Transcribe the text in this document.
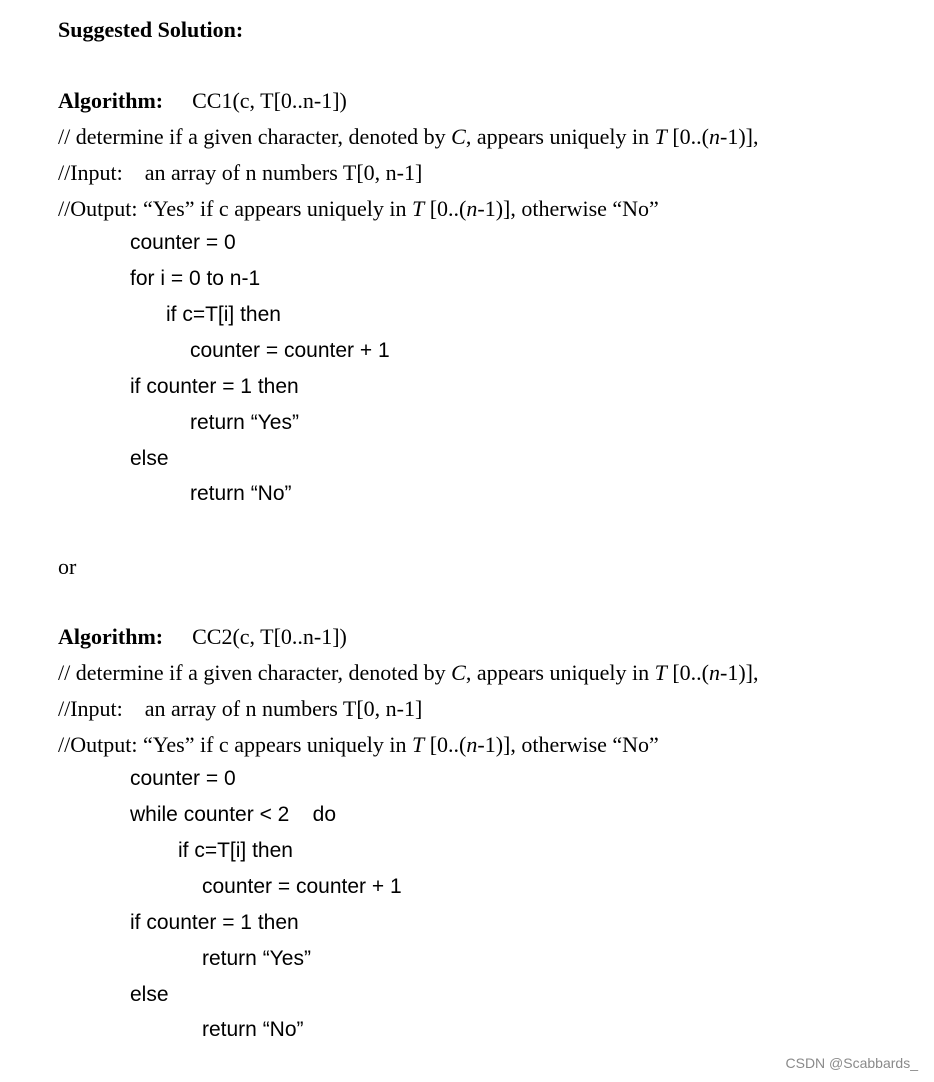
Suggested Solution:
Algorithm: CC1(c, T[0..n-1])
// determine if a given character, denoted by C, appears uniquely in T [0..(n-1)],
//Input: an array of n numbers T[0, n-1]
//Output: “Yes” if c appears uniquely in T [0..(n-1)], otherwise “No”
counter = 0
for i = 0 to n-1
if c=T[i] then
counter = counter + 1
if counter = 1 then
return “Yes”
else
return “No”
or
Algorithm: CC2(c, T[0..n-1])
// determine if a given character, denoted by C, appears uniquely in T [0..(n-1)],
//Input: an array of n numbers T[0, n-1]
//Output: “Yes” if c appears uniquely in T [0..(n-1)], otherwise “No”
counter = 0
while counter < 2    do
if c=T[i] then
counter = counter + 1
if counter = 1 then
return “Yes”
else
return “No”
CSDN @Scabbards_
